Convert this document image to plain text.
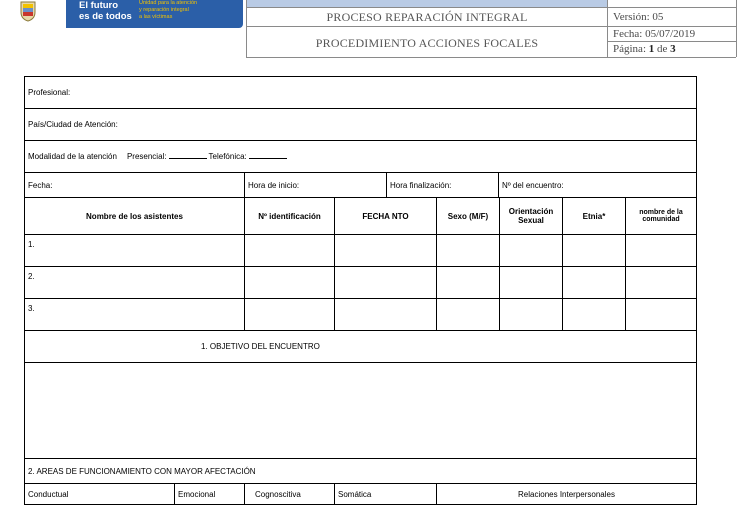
El futuro
es de todos
Unidad para la atención
y reparación integral
a las víctimas	PROCESO REPARACIÓN INTEGRAL
PROCEDIMIENTO ACCIONES FOCALES
Versión: 05
Fecha: 05/07/2019
Página: 1 de 3
Profesional:
País/Ciudad de Atención:
Modalidad de la atención Presencial:	Telefónica:
Fecha:	Hora de inicio:	Hora finalización:	Nº del encuentro:
Nombre de los asistentes	Nº identificación	FECHA NTO	Sexo (M/F)	Orientación Sexual	Etnia*	nombre de la comunidad
1.
2.
3.
1. OBJETIVO DEL ENCUENTRO
2. AREAS DE FUNCIONAMIENTO CON MAYOR AFECTACIÓN
Conductual	Emocional	Cognoscitiva	Somática	Relaciones Interpersonales
